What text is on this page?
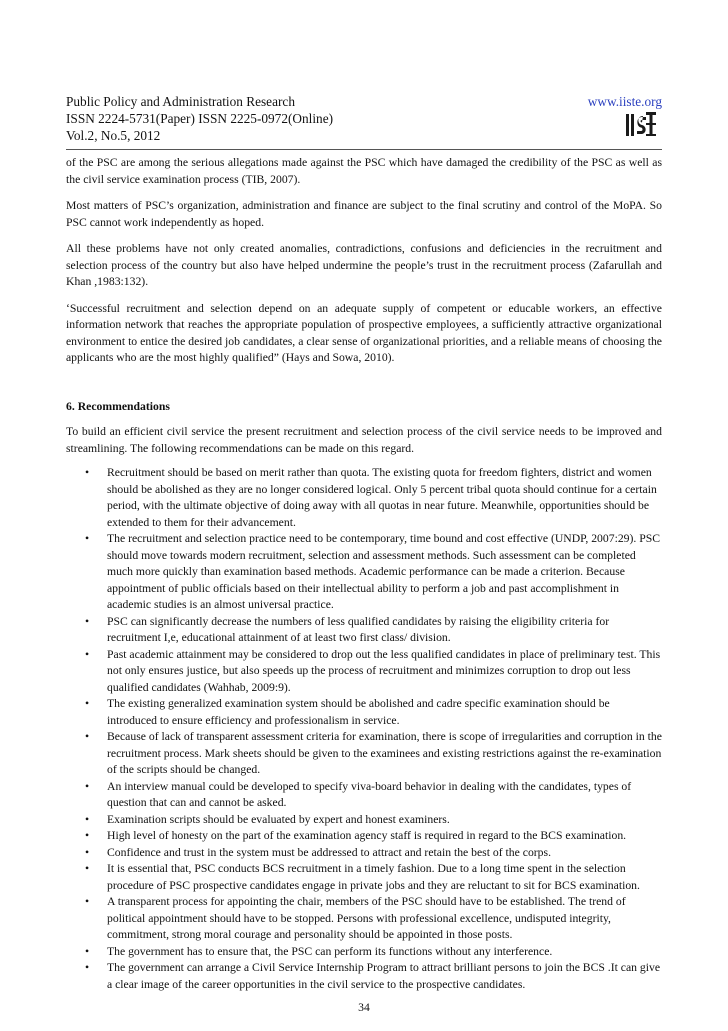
Public Policy and Administration Research
ISSN 2224-5731(Paper) ISSN 2225-0972(Online)
Vol.2, No.5, 2012
www.iiste.org

of the PSC are among the serious allegations made against the PSC which have damaged the credibility of the PSC as well as the civil service examination process (TIB, 2007).

Most matters of PSC’s organization, administration and finance are subject to the final scrutiny and control of the MoPA. So PSC cannot work independently as hoped.

All these problems have not only created anomalies, contradictions, confusions and deficiencies in the recruitment and selection process of the country but also have helped undermine the people’s trust in the recruitment process (Zafarullah and Khan ,1983:132).

‘Successful recruitment and selection depend on an adequate supply of competent or educable workers, an effective information network that reaches the appropriate population of prospective employees, a sufficiently attractive organizational environment to entice the desired job candidates, a clear sense of organizational priorities, and a reliable means of choosing the applicants who are the most highly qualified” (Hays and Sowa, 2010).

6. Recommendations

To build an efficient civil service the present recruitment and selection process of the civil service needs to be improved and streamlining. The following recommendations can be made on this regard.

• Recruitment should be based on merit rather than quota. The existing quota for freedom fighters, district and women should be abolished as they are no longer considered logical. Only 5 percent tribal quota should continue for a certain period, with the ultimate objective of doing away with all quotas in near future. Meanwhile, opportunities should be extended to them for their advancement.
• The recruitment and selection practice need to be contemporary, time bound and cost effective (UNDP, 2007:29). PSC should move towards modern recruitment, selection and assessment methods. Such assessment can be completed much more quickly than examination based methods. Academic performance can be made a criterion. Because appointment of public officials based on their intellectual ability to perform a job and past accomplishment in academic studies is an almost universal practice.
• PSC can significantly decrease the numbers of less qualified candidates by raising the eligibility criteria for recruitment I,e, educational attainment of at least two first class/ division.
• Past academic attainment may be considered to drop out the less qualified candidates in place of preliminary test. This not only ensures justice, but also speeds up the process of recruitment and minimizes corruption to drop out less qualified candidates (Wahhab, 2009:9).
• The existing generalized examination system should be abolished and cadre specific examination should be introduced to ensure efficiency and professionalism in service.
• Because of lack of transparent assessment criteria for examination, there is scope of irregularities and corruption in the recruitment process. Mark sheets should be given to the examinees and existing restrictions against the re-examination of the scripts should be changed.
• An interview manual could be developed to specify viva-board behavior in dealing with the candidates, types of question that can and cannot be asked.
• Examination scripts should be evaluated by expert and honest examiners.
• High level of honesty on the part of the examination agency staff is required in regard to the BCS examination.
• Confidence and trust in the system must be addressed to attract and retain the best of the corps.
• It is essential that, PSC conducts BCS recruitment in a timely fashion. Due to a long time spent in the selection procedure of PSC prospective candidates engage in private jobs and they are reluctant to sit for BCS examination.
• A transparent process for appointing the chair, members of the PSC should have to be established. The trend of political appointment should have to be stopped. Persons with professional excellence, undisputed integrity, commitment, strong moral courage and personality should be appointed in those posts.
• The government has to ensure that, the PSC can perform its functions without any interference.
• The government can arrange a Civil Service Internship Program to attract brilliant persons to join the BCS .It can give a clear image of the career opportunities in the civil service to the prospective candidates.
34
